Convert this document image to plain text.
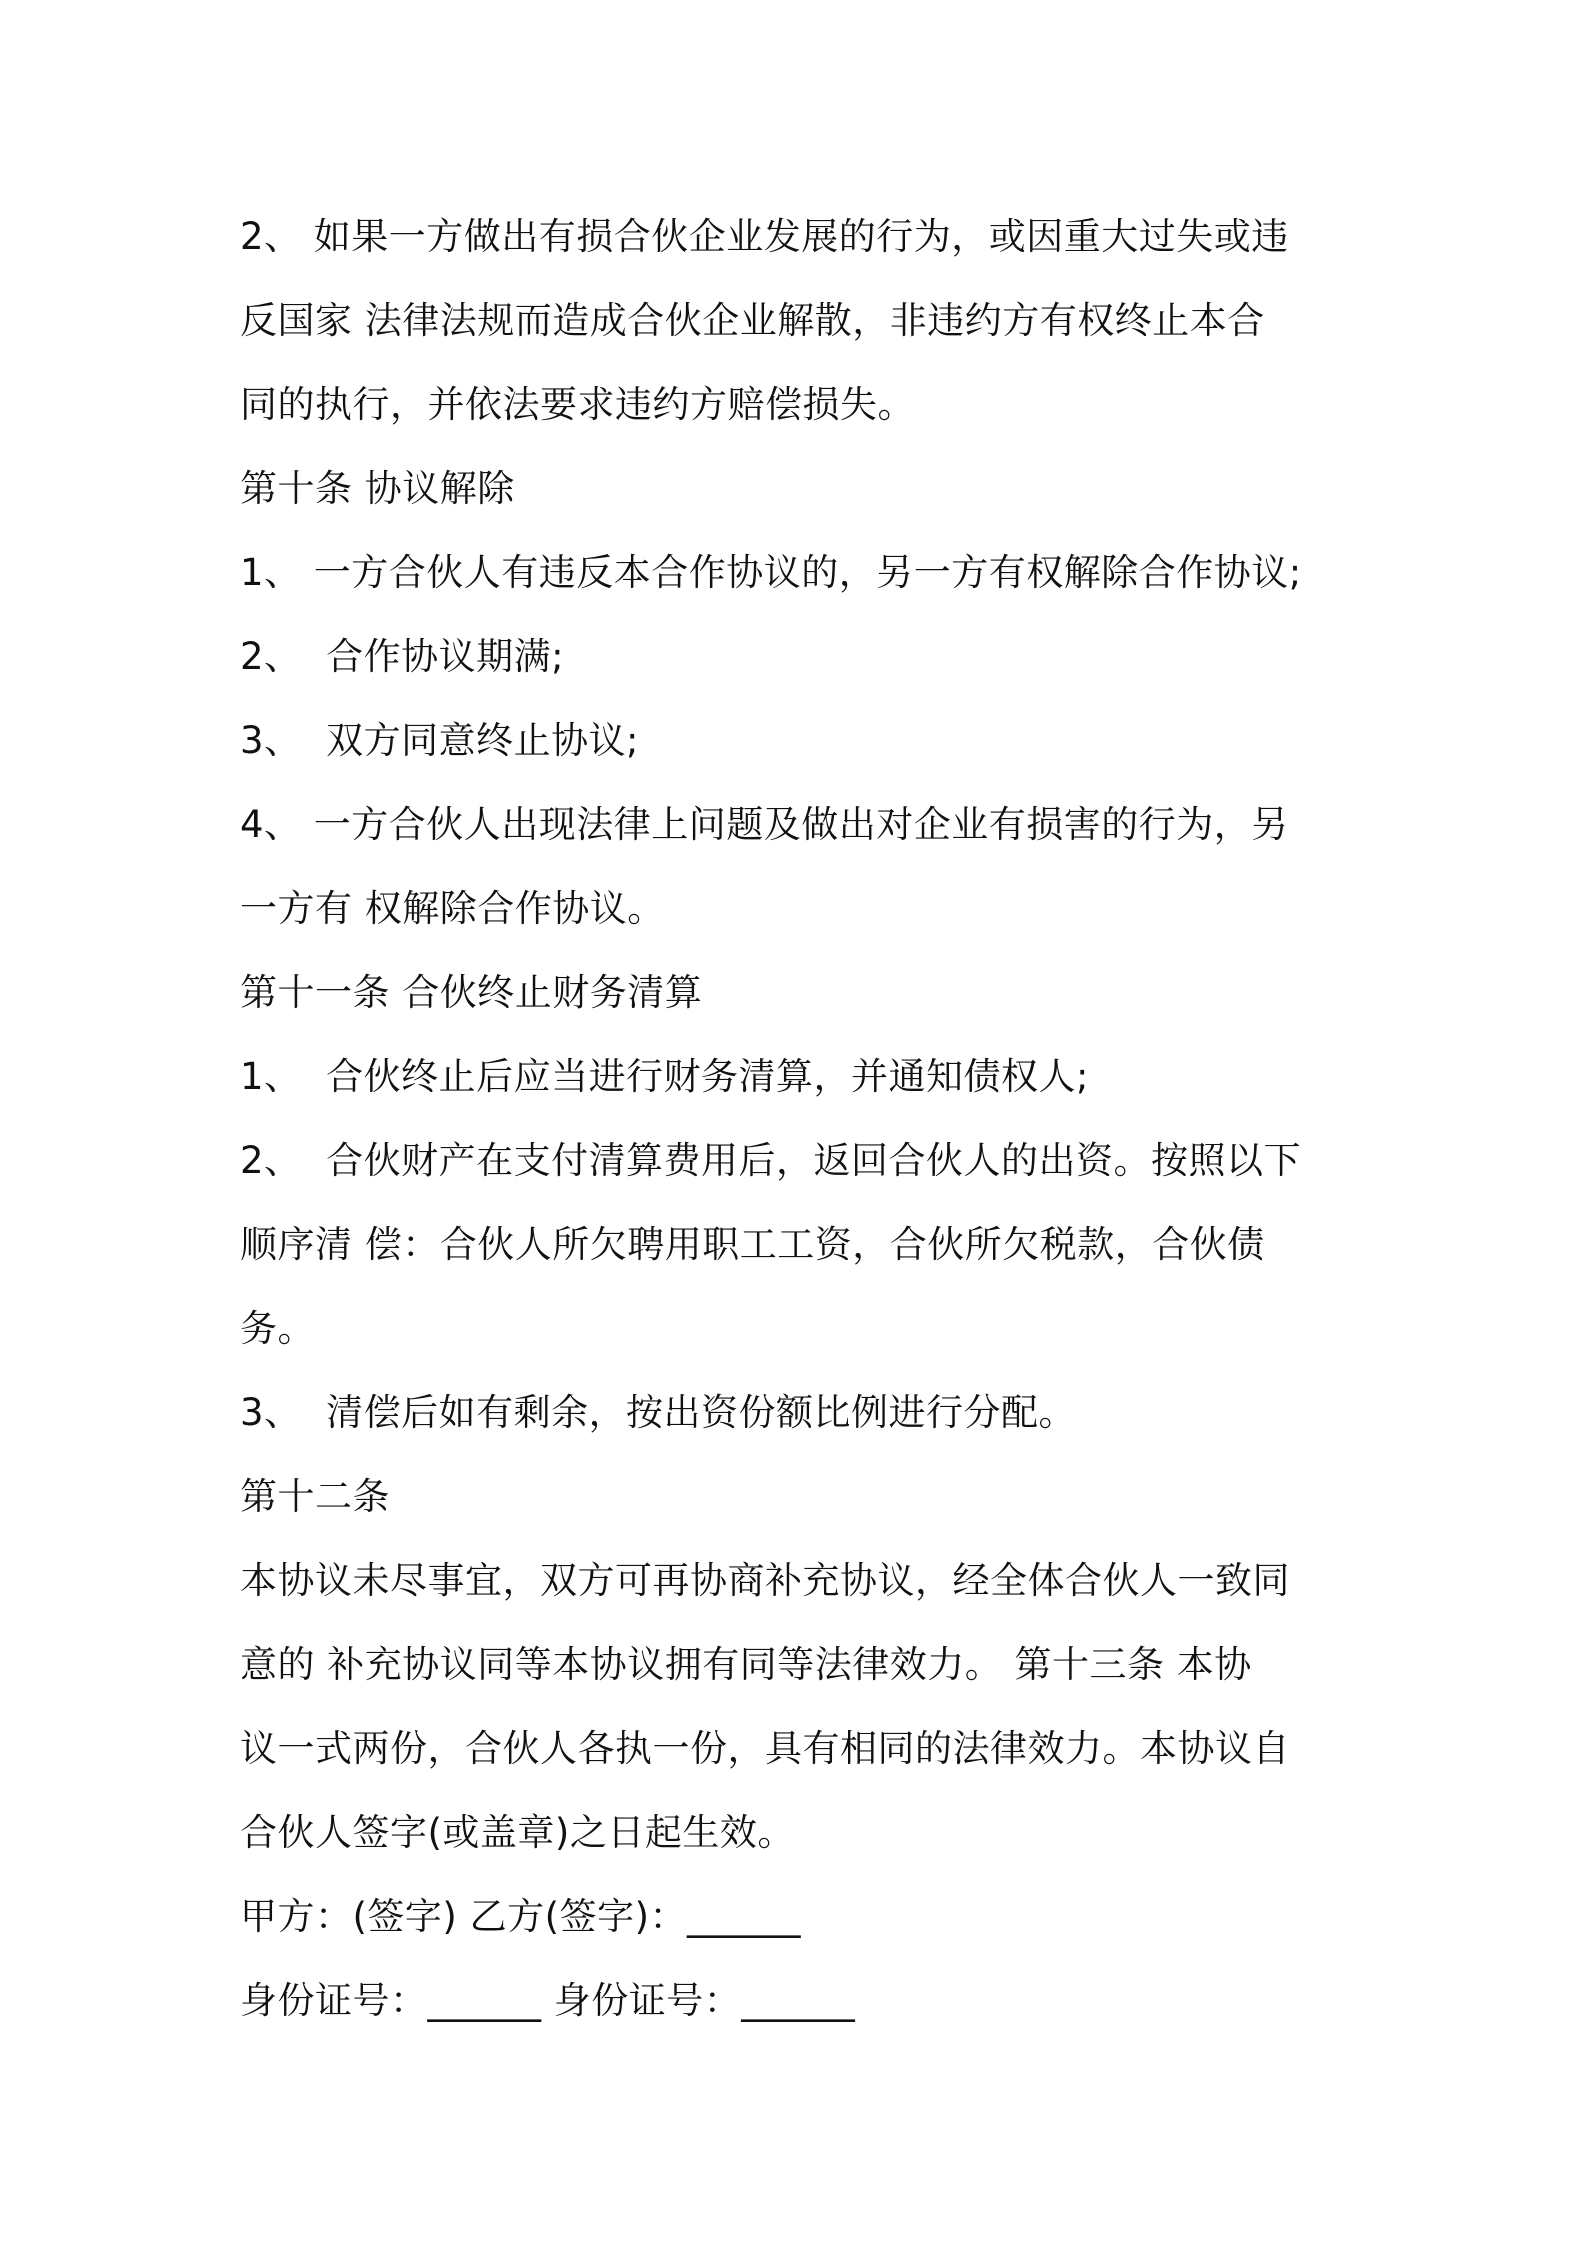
2、 如果一方做出有损合伙企业发展的行为，或因重大过失或违
反国家 法律法规而造成合伙企业解散，非违约方有权终止本合
同的执行，并依法要求违约方赔偿损失。
第十条 协议解除
1、 一方合伙人有违反本合作协议的，另一方有权解除合作协议;
2、  合作协议期满;
3、  双方同意终止协议;
4、 一方合伙人出现法律上问题及做出对企业有损害的行为，另
一方有 权解除合作协议。
第十一条 合伙终止财务清算
1、  合伙终止后应当进行财务清算，并通知债权人;
2、  合伙财产在支付清算费用后，返回合伙人的出资。按照以下
顺序清 偿：合伙人所欠聘用职工工资，合伙所欠税款，合伙债
务。
3、  清偿后如有剩余，按出资份额比例进行分配。
第十二条
本协议未尽事宜，双方可再协商补充协议，经全体合伙人一致同
意的 补充协议同等本协议拥有同等法律效力。 第十三条 本协
议一式两份，合伙人各执一份，具有相同的法律效力。本协议自
合伙人签字(或盖章)之日起生效。
甲方：(签字) 乙方(签字)：______
身份证号：______ 身份证号：______
